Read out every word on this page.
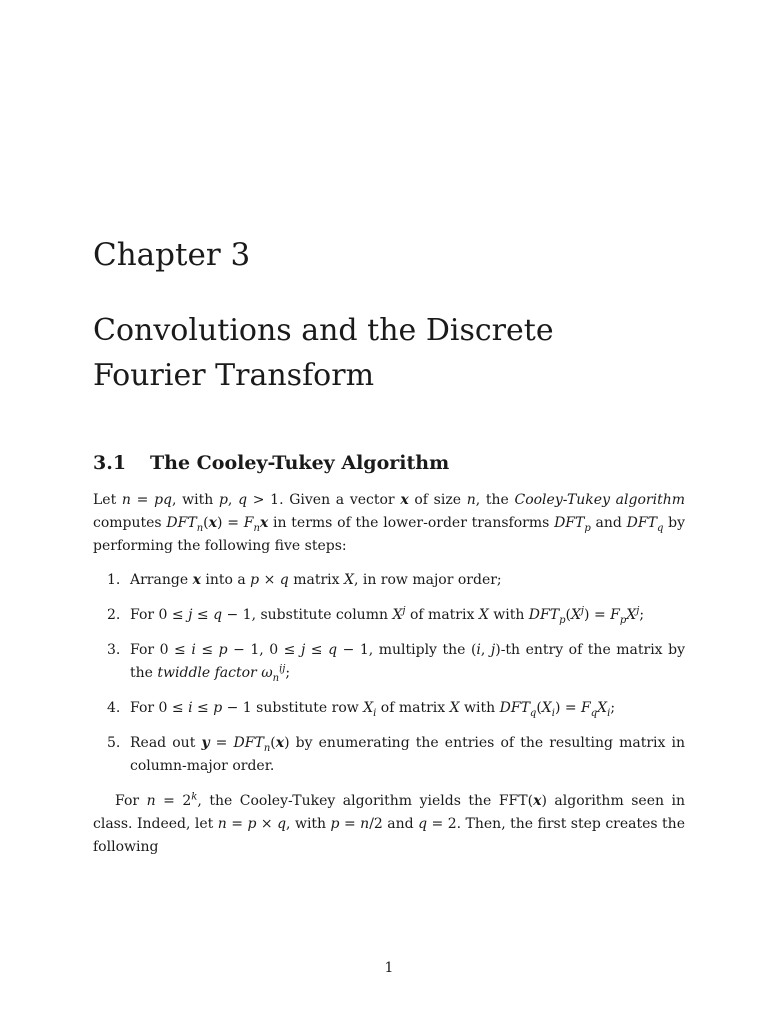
Chapter 3
Convolutions and the Discrete
Fourier Transform
3.1 The Cooley-Tukey Algorithm
Let n = pq, with p, q > 1. Given a vector x of size n, the Cooley-Tukey algorithm computes $DFT_n(x) = F_nx$ in terms of the lower-order transforms $DFT_p$ and $DFT_q$ by performing the following five steps:
1. Arrange x into a p × q matrix X, in row major order;
2. For 0 ≤ j ≤ q − 1, substitute column $X^j$ of matrix X with $DFT_p(X^j) = F_pX^j$;
3. For 0 ≤ i ≤ p − 1, 0 ≤ j ≤ q − 1, multiply the (i, j)-th entry of the matrix by the twiddle factor $\omega_n^{ij}$;
4. For 0 ≤ i ≤ p − 1 substitute row $X_i$ of matrix X with $DFT_q(X_i) = F_qX_i$;
5. Read out $y = DFT_n(x)$ by enumerating the entries of the resulting matrix in column-major order.
For $n = 2^k$, the Cooley-Tukey algorithm yields the FFT(x) algorithm seen in class. Indeed, let n = p × q, with p = n/2 and q = 2. Then, the first step creates the following
1
